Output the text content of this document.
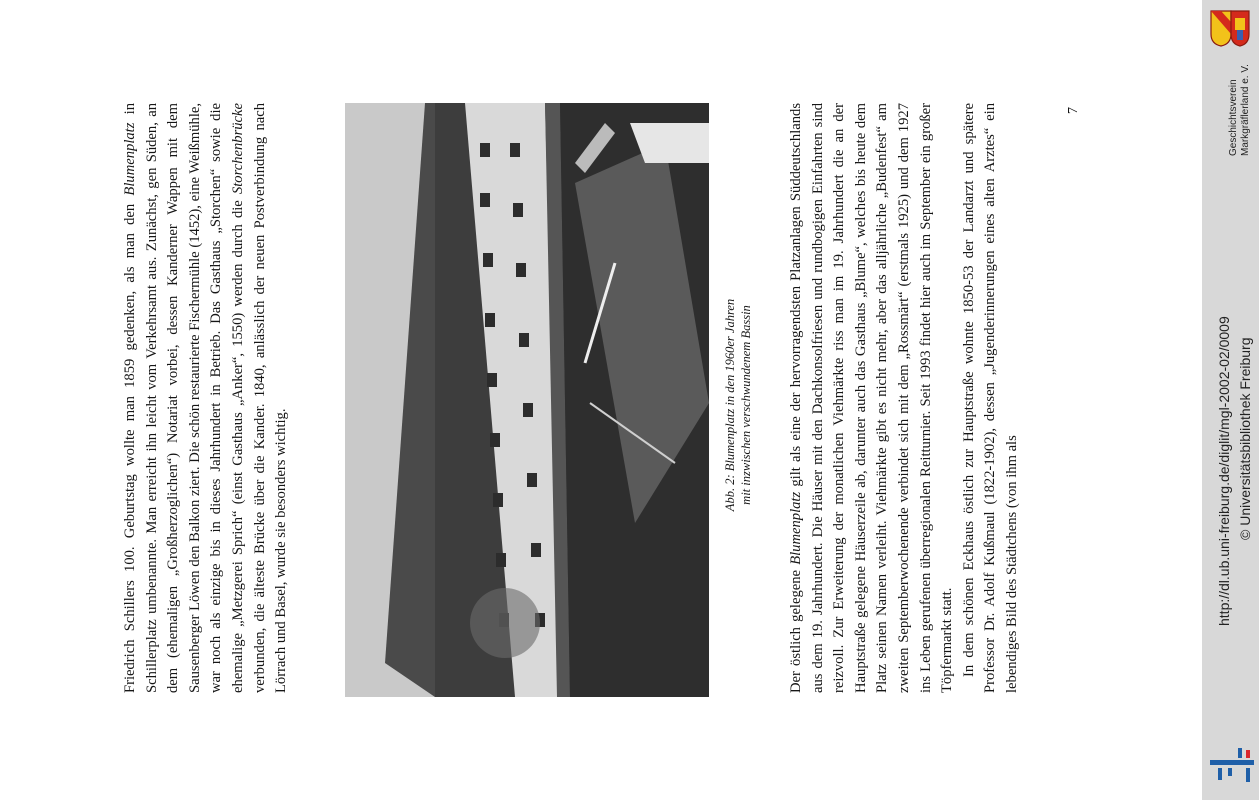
Friedrich Schillers 100. Geburtstag wollte man 1859 gedenken, als man den Blumenplatz in Schillerplatz umbenannte. Man erreicht ihn leicht vom Verkehrsamt aus. Zunächst, gen Süden, an dem (ehemaligen „Großherzoglichen“) Notariat vorbei, dessen Kanderner Wappen mit dem Sausenberger Löwen den Balkon ziert. Die schön restaurierte Fischermühle (1452), eine Weißmühle, war noch als einzige bis in dieses Jahrhundert in Betrieb. Das Gasthaus „Storchen“ sowie die ehemalige „Metzgerei Sprich“ (einst Gasthaus „Anker“, 1550) werden durch die Storchenbrücke verbunden, die älteste Brücke über die Kander. 1840, anlässlich der neuen Postverbindung nach Lörrach und Basel, wurde sie besonders wichtig.

Abb. 2: Blumenplatz in den 1960er Jahren mit inzwischen verschwundenem Bassin

Der östlich gelegene Blumenplatz gilt als eine der hervorragendsten Platzanlagen Süddeutschlands aus dem 19. Jahrhundert. Die Häuser mit den Dachkonsolfriesen und rundbogigen Einfahrten sind reizvoll. Zur Erweiterung der monatlichen Viehmärkte riss man im 19. Jahrhundert die an der Hauptstraße gelegene Häuserzeile ab, darunter auch das Gasthaus „Blume“, welches bis heute dem Platz seinen Namen verleiht. Viehmärkte gibt es nicht mehr, aber das alljährliche „Budenfest“ am zweiten Septemberwochenende verbindet sich mit dem „Rossmärt“ (erstmals 1925) und dem 1927 ins Leben gerufenen überregionalen Reitturnier. Seit 1993 findet hier auch im September ein großer Töpfermarkt statt. In dem schönen Eckhaus östlich zur Hauptstraße wohnte 1850-53 der Landarzt und spätere Professor Dr. Adolf Kußmaul (1822-1902), dessen „Jugenderinnerungen eines alten Arztes“ ein lebendiges Bild des Städtchens (von ihm als

7	Geschichtsverein Markgräflerland e. V.
http://dl.ub.uni-freiburg.de/diglit/mgl-2002-02/0009 © Universitätsbibliothek Freiburg
